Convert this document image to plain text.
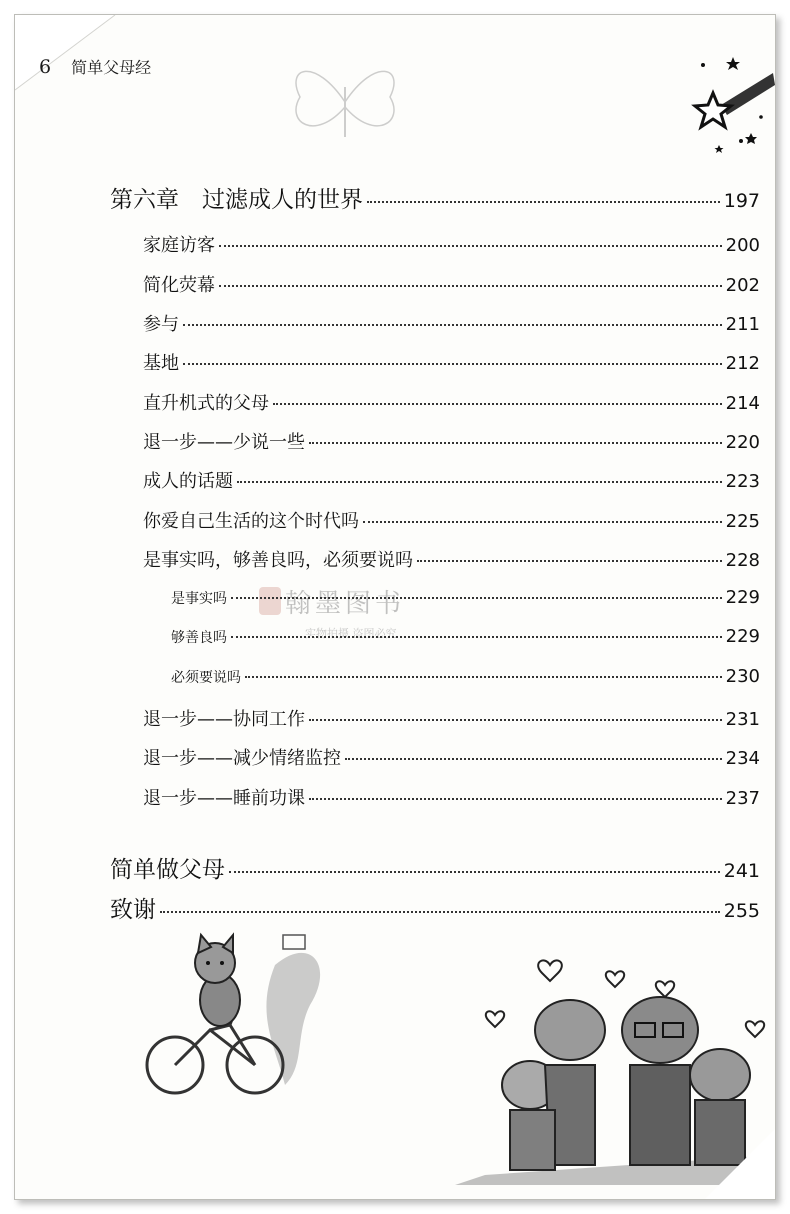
6 简单父母经
翰墨图书
实物拍摄 盗图必究
第六章　过滤成人的世界	197
家庭访客	200
简化荧幕	202
参与	211
基地	212
直升机式的父母	214
退一步——少说一些	220
成人的话题	223
你爱自己生活的这个时代吗	225
是事实吗，够善良吗，必须要说吗	228
是事实吗	229
够善良吗	229
必须要说吗	230
退一步——协同工作	231
退一步——减少情绪监控	234
退一步——睡前功课	237
简单做父母	241
致谢	255
